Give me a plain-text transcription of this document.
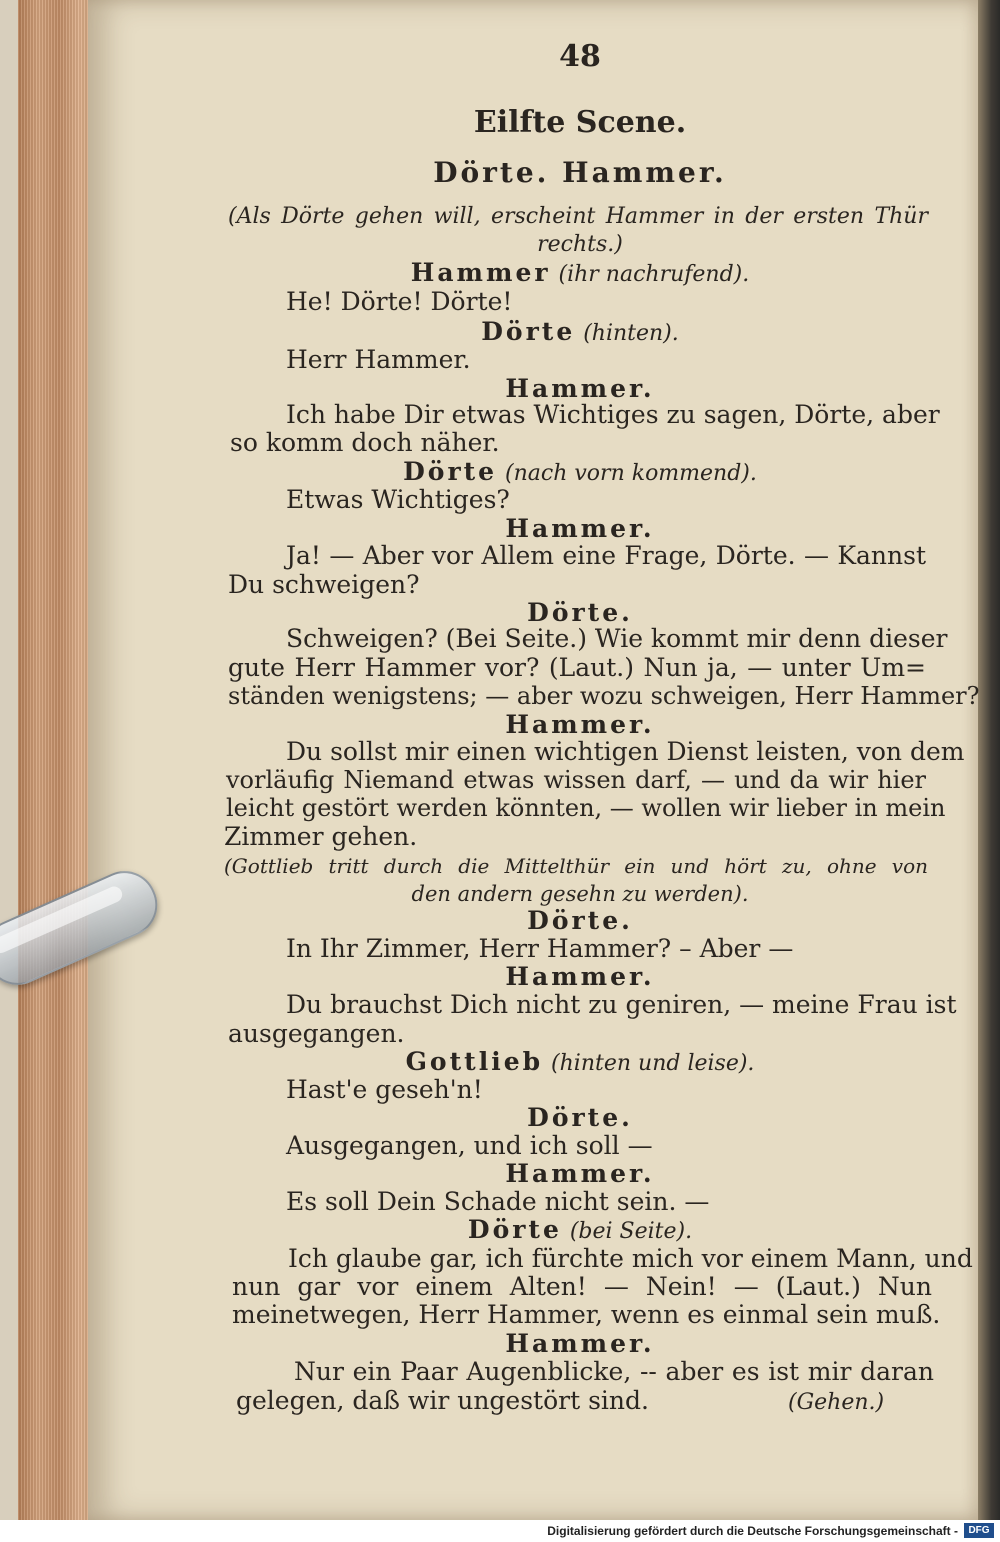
48
Eilfte Scene.
Dörte. Hammer.
(Als Dörte gehen will, erscheint Hammer in der ersten Thür
rechts.)
Hammer (ihr nachrufend).
He! Dörte! Dörte!
Dörte (hinten).
Herr Hammer.
Hammer.
Ich habe Dir etwas Wichtiges zu sagen, Dörte, aber
so komm doch näher.
Dörte (nach vorn kommend).
Etwas Wichtiges?
Hammer.
Ja! — Aber vor Allem eine Frage, Dörte. — Kannst
Du schweigen?
Dörte.
Schweigen? (Bei Seite.) Wie kommt mir denn dieser
gute Herr Hammer vor? (Laut.) Nun ja, — unter Um=
ständen wenigstens; — aber wozu schweigen, Herr Hammer?
Hammer.
Du sollst mir einen wichtigen Dienst leisten, von dem
vorläufig Niemand etwas wissen darf, — und da wir hier
leicht gestört werden könnten, — wollen wir lieber in mein
Zimmer gehen.
(Gottlieb tritt durch die Mittelthür ein und hört zu, ohne von
den andern gesehn zu werden).
Dörte.
In Ihr Zimmer, Herr Hammer? – Aber —
Hammer.
Du brauchst Dich nicht zu geniren, — meine Frau ist
ausgegangen.
Gottlieb (hinten und leise).
Hast'e geseh'n!
Dörte.
Ausgegangen, und ich soll —
Hammer.
Es soll Dein Schade nicht sein. —
Dörte (bei Seite).
Ich glaube gar, ich fürchte mich vor einem Mann, und
nun gar vor einem Alten! — Nein! — (Laut.) Nun
meinetwegen, Herr Hammer, wenn es einmal sein muß.
Hammer.
Nur ein Paar Augenblicke, -- aber es ist mir daran
gelegen, daß wir ungestört sind.	(Gehen.)
Digitalisierung gefördert durch die Deutsche Forschungsgemeinschaft -	DFG
